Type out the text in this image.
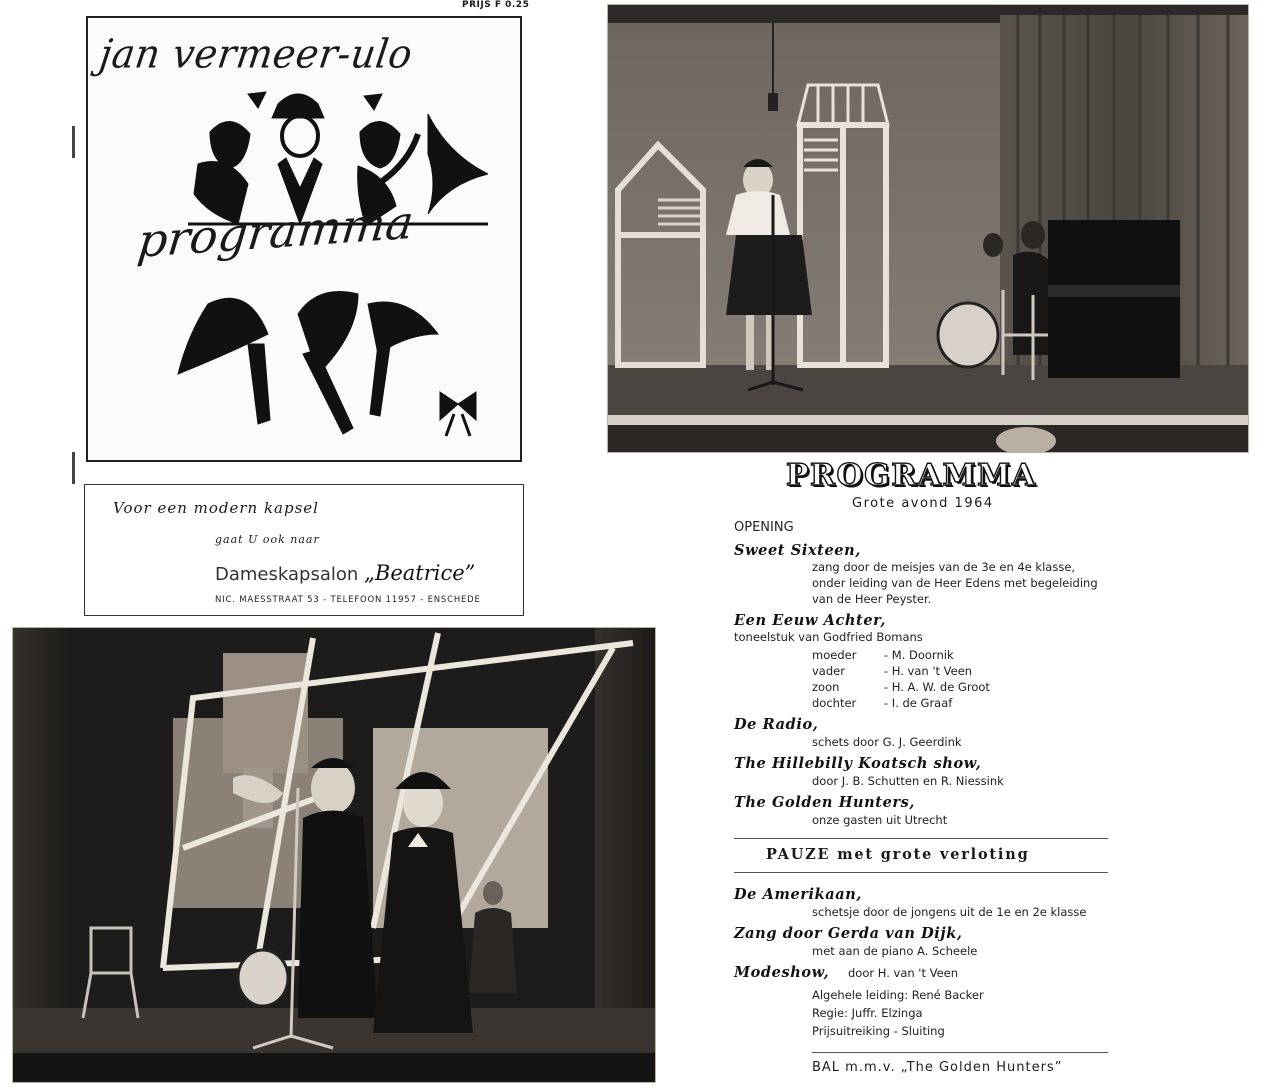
PRIJS F 0.25
jan vermeer-ulo
programma
Voor een modern kapsel
gaat U ook naar
Dameskapsalon „Beatrice”
NIC. MAESSTRAAT 53 - TELEFOON 11957 - ENSCHEDE
PROGRAMMA
Grote avond 1964
OPENING
Sweet Sixteen,
zang door de meisjes van de 3e en 4e klasse,
onder leiding van de Heer Edens met begeleiding
van de Heer Peyster.
Een Eeuw Achter,
toneelstuk van Godfried Bomans
moeder - M. Doornik
vader	- H. van 't Veen
zoon	- H. A. W. de Groot
dochter - I. de Graaf
De Radio,
schets door G. J. Geerdink
The Hillebilly Koatsch show,
door J. B. Schutten en R. Niessink
The Golden Hunters,
onze gasten uit Utrecht
PAUZE met grote verloting
De Amerikaan,
schetsje door de jongens uit de 1e en 2e klasse
Zang door Gerda van Dijk,
met aan de piano A. Scheele
Modeshow, door H. van 't Veen
Algehele leiding: René Backer
Regie: Juffr. Elzinga
Prijsuitreiking - Sluiting
BAL m.m.v. „The Golden Hunters”
